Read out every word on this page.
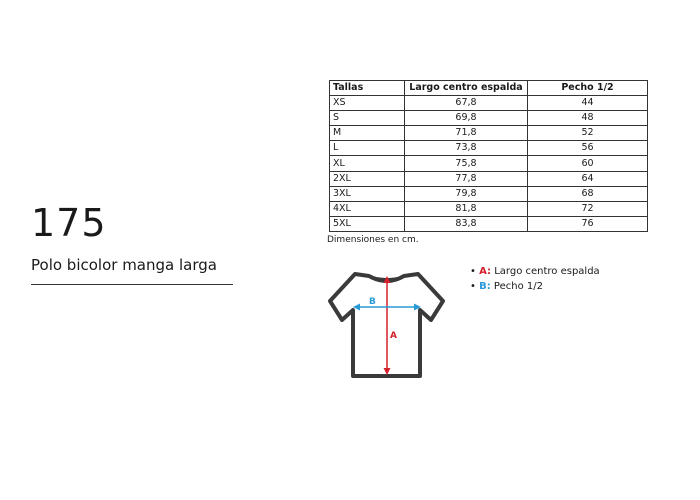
175
Polo bicolor manga larga
Tallas	Largo centro espalda	Pecho 1/2
XS	67,8	44
S	69,8	48
M	71,8	52
L	73,8	56
XL	75,8	60
2XL	77,8	64
3XL	79,8	68
4XL	81,8	72
5XL	83,8	76
Dimensiones en cm.
A
B
• A: Largo centro espalda
• B: Pecho 1/2
